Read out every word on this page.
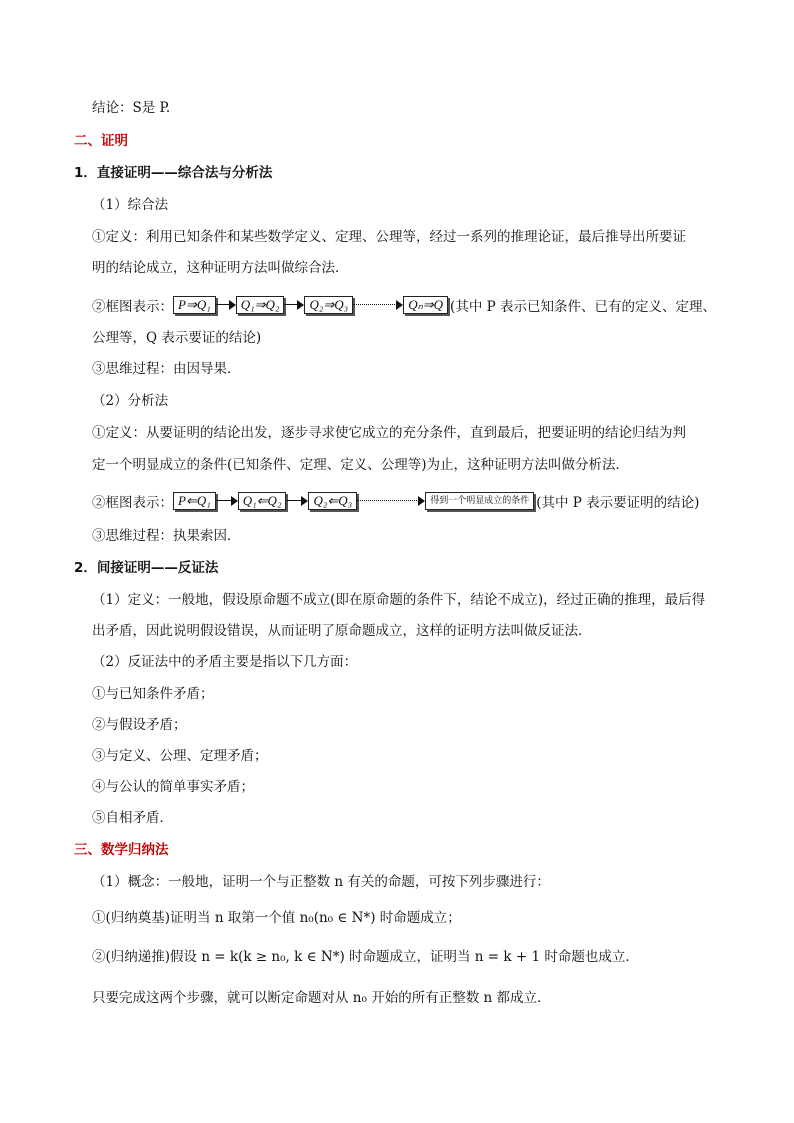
结论：S是 P.
二、证明
1．直接证明——综合法与分析法
（1）综合法
①定义：利用已知条件和某些数学定义、定理、公理等，经过一系列的推理论证，最后推导出所要证
明的结论成立，这种证明方法叫做综合法．
②框图表示： P⇒Q₁	Q₁⇒Q₂	Q₂⇒Q₃	Qₙ⇒Q (其中 P 表示已知条件、已有的定义、定理、
公理等，Q 表示要证的结论)
③思维过程：由因导果．
（2）分析法
①定义：从要证明的结论出发，逐步寻求使它成立的充分条件，直到最后，把要证明的结论归结为判
定一个明显成立的条件(已知条件、定理、定义、公理等)为止，这种证明方法叫做分析法．
②框图表示： P⇐Q₁	Q₁⇐Q₂	Q₂⇐Q₃	得到一个明显成立的条件 (其中 P 表示要证明的结论)
③思维过程：执果索因．
2．间接证明——反证法
（1）定义：一般地，假设原命题不成立(即在原命题的条件下，结论不成立)，经过正确的推理，最后得
出矛盾，因此说明假设错误，从而证明了原命题成立，这样的证明方法叫做反证法．
（2）反证法中的矛盾主要是指以下几方面：
①与已知条件矛盾；
②与假设矛盾；
③与定义、公理、定理矛盾；
④与公认的简单事实矛盾；
⑤自相矛盾．
三、数学归纳法
（1）概念：一般地，证明一个与正整数 n 有关的命题，可按下列步骤进行：
①(归纳奠基)证明当 n 取第一个值 n₀(n₀ ∈ N*) 时命题成立；
②(归纳递推)假设 n = k(k ≥ n₀, k ∈ N*) 时命题成立，证明当 n = k + 1 时命题也成立．
只要完成这两个步骤，就可以断定命题对从 n₀ 开始的所有正整数 n 都成立．
